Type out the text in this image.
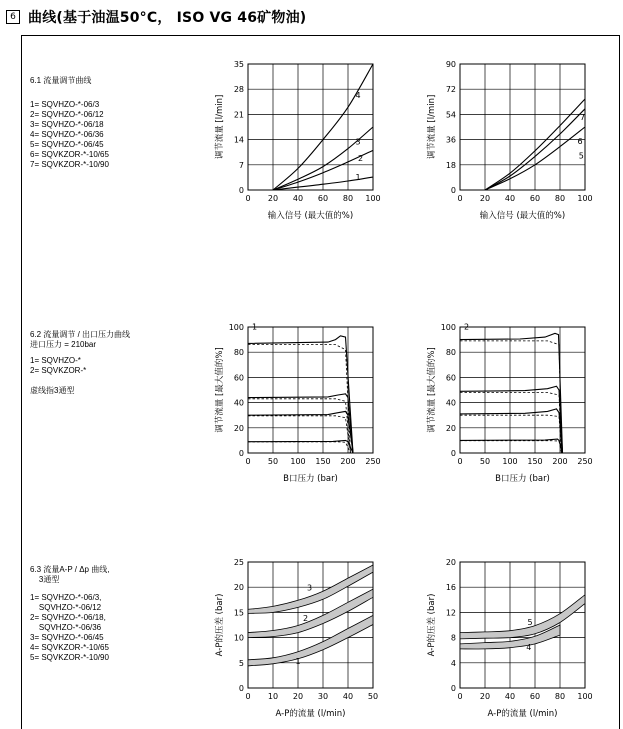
6 曲线(基于油温50°C， ISO VG 46矿物油)
6.1 流量调节曲线
1= SQVHZO-*-06/3
2= SQVHZO-*-06/12
3= SQVHZO-*-06/18
4= SQVHZO-*-06/36
5= SQVHZO-*-06/45
6= SQVKZOR-*-10/65
7= SQVKZOR-*-10/90
6.2 流量调节 / 出口压力曲线
进口压力 = 210bar
1= SQVHZO-*
2= SQVKZOR-*

虚线指3通型
6.3 流量A-P / Δp 曲线,
3通型
1= SQVHZO-*-06/3,
SQVHZO-*-06/12
2= SQVHZO-*-06/18,
SQVHZO-*-06/36
3= SQVHZO-*-06/45
4= SQVKZOR-*-10/65
5= SQVKZOR-*-10/90
0 20 40 60 80 100
0
7
14
21
28
35
输入信号 (最大值的%)
调节流量 [l/min]
1
2
3
4
0 20 40 60 80 100
0
18
36
54
72
90
输入信号 (最大值的%)
调节流量 [l/min]	5
6
7
0 50 100 150 200 250
0
20
40
60
80
100
B口压力 (bar)
调节流量 [最大值的%]
1
0 50 100 150 200 250
0
20
40
60
80
100
B口压力 (bar)
调节流量 [最大值的%]
2
0 10 20 30 40 50
0
5
10
15
20
25
A-P的流量 (l/min)
A-P的压差 (bar)
1
2
3
0 20 40 60 80 100
0
4
8
12
16
20
A-P的流量 (l/min)
A-P的压差 (bar)	4
5
